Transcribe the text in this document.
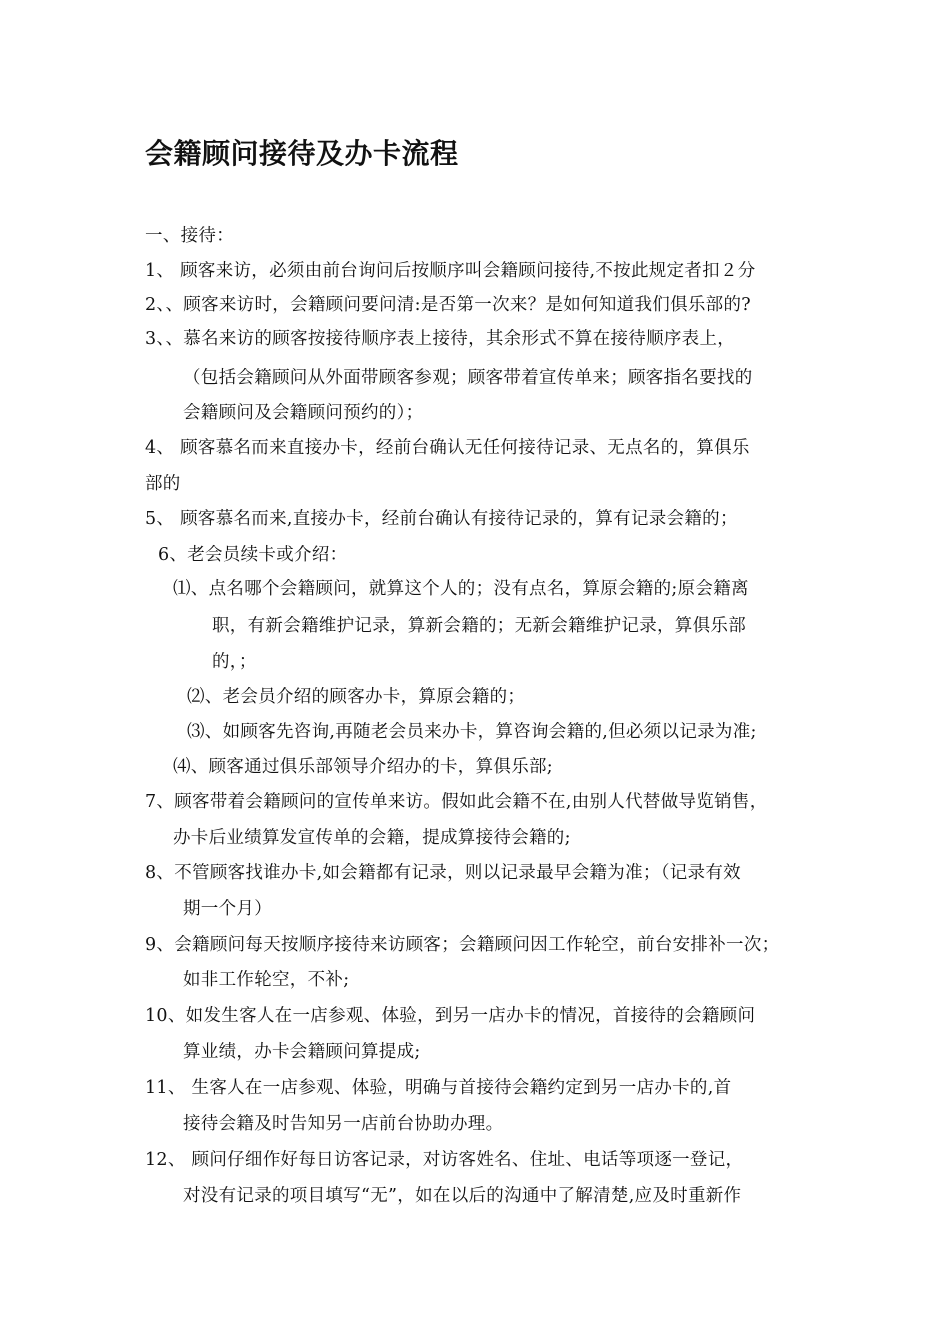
会籍顾问接待及办卡流程
一、接待：
1、 顾客来访，必须由前台询问后按顺序叫会籍顾问接待,不按此规定者扣２分
2、、顾客来访时，会籍顾问要问清:是否第一次来？是如何知道我们俱乐部的?
3、、慕名来访的顾客按接待顺序表上接待，其余形式不算在接待顺序表上，
（包括会籍顾问从外面带顾客参观；顾客带着宣传单来；顾客指名要找的
会籍顾问及会籍顾问预约的）；
4、 顾客慕名而来直接办卡，经前台确认无任何接待记录、无点名的，算俱乐
部的
5、 顾客慕名而来,直接办卡，经前台确认有接待记录的，算有记录会籍的；
6、老会员续卡或介绍：
⑴、点名哪个会籍顾问，就算这个人的；没有点名，算原会籍的;原会籍离
职，有新会籍维护记录，算新会籍的；无新会籍维护记录，算俱乐部
的，；
⑵、老会员介绍的顾客办卡，算原会籍的；
⑶、如顾客先咨询,再随老会员来办卡，算咨询会籍的,但必须以记录为准;
⑷、顾客通过俱乐部领导介绍办的卡，算俱乐部;
7、顾客带着会籍顾问的宣传单来访。假如此会籍不在,由别人代替做导览销售，
办卡后业绩算发宣传单的会籍，提成算接待会籍的;
8、不管顾客找谁办卡,如会籍都有记录，则以记录最早会籍为准；（记录有效
期一个月）
9、会籍顾问每天按顺序接待来访顾客；会籍顾问因工作轮空，前台安排补一次；
如非工作轮空，不补;
10、如发生客人在一店参观、体验，到另一店办卡的情况，首接待的会籍顾问
算业绩，办卡会籍顾问算提成;
11、 生客人在一店参观、体验，明确与首接待会籍约定到另一店办卡的,首
接待会籍及时告知另一店前台协助办理。
12、 顾问仔细作好每日访客记录，对访客姓名、住址、电话等项逐一登记，
对没有记录的项目填写“无”，如在以后的沟通中了解清楚,应及时重新作
